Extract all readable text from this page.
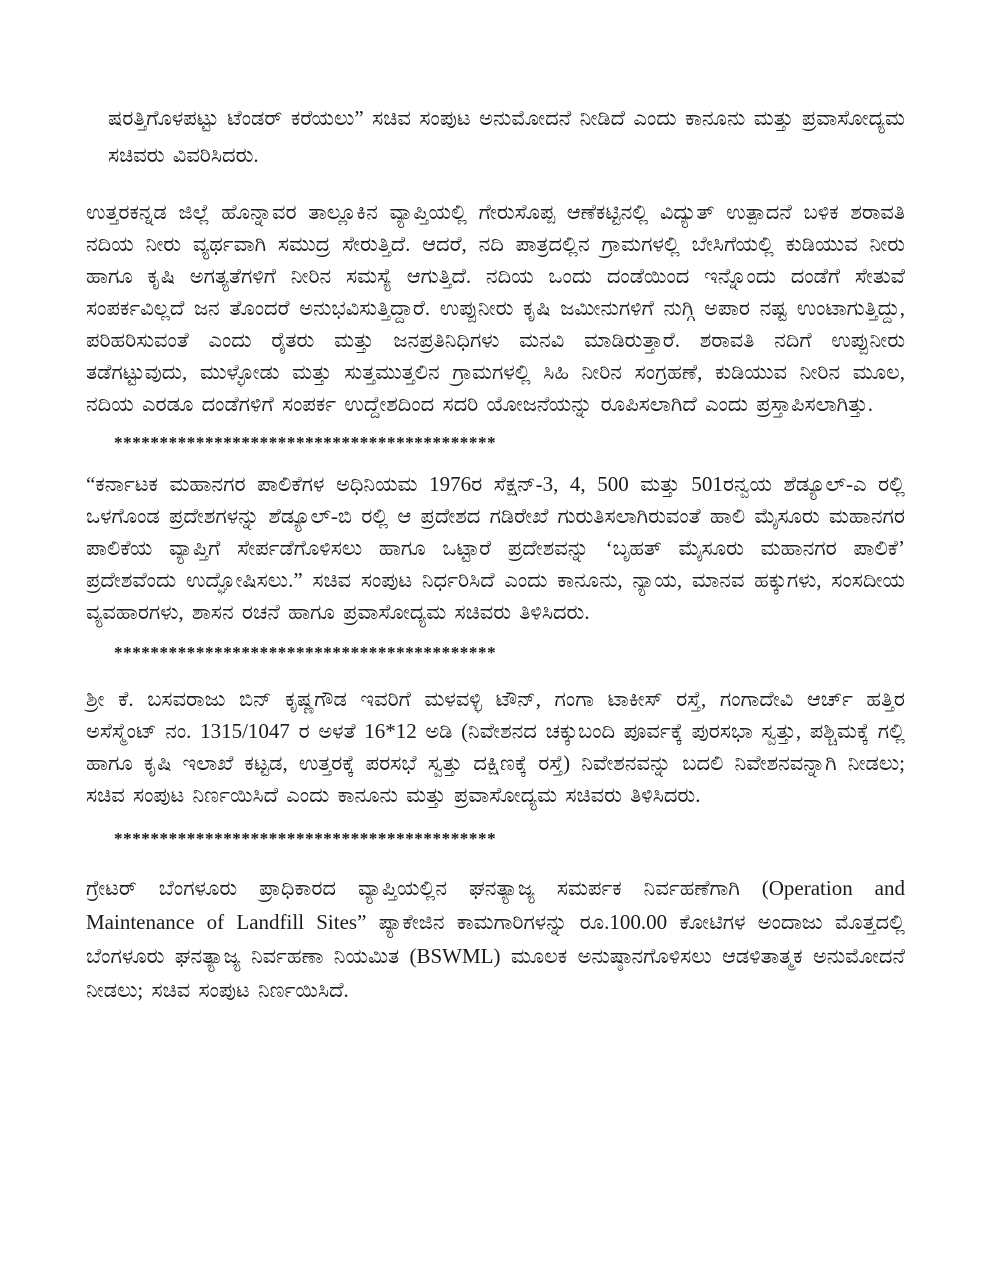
ಷರತ್ತಿಗೊಳಪಟ್ಟು ಟೆಂಡರ್ ಕರೆಯಲು” ಸಚಿವ ಸಂಪುಟ ಅನುಮೋದನೆ ನೀಡಿದೆ ಎಂದು ಕಾನೂನು ಮತ್ತು ಪ್ರವಾಸೋದ್ಯಮ ಸಚಿವರು ವಿವರಿಸಿದರು.

ಉತ್ತರಕನ್ನಡ ಜಿಲ್ಲೆ ಹೊನ್ನಾವರ ತಾಲ್ಲೂಕಿನ ವ್ಯಾಪ್ತಿಯಲ್ಲಿ ಗೇರುಸೊಪ್ಪ ಆಣೆಕಟ್ಟಿನಲ್ಲಿ ವಿದ್ಯುತ್ ಉತ್ಪಾದನೆ ಬಳಿಕ ಶರಾವತಿ ನದಿಯ ನೀರು ವ್ಯರ್ಥವಾಗಿ ಸಮುದ್ರ ಸೇರುತ್ತಿದೆ. ಆದರೆ, ನದಿ ಪಾತ್ರದಲ್ಲಿನ ಗ್ರಾಮಗಳಲ್ಲಿ ಬೇಸಿಗೆಯಲ್ಲಿ ಕುಡಿಯುವ ನೀರು ಹಾಗೂ ಕೃಷಿ ಅಗತ್ಯತೆಗಳಿಗೆ ನೀರಿನ ಸಮಸ್ಯೆ ಆಗುತ್ತಿದೆ. ನದಿಯ ಒಂದು ದಂಡೆಯಿಂದ ಇನ್ನೊಂದು ದಂಡೆಗೆ ಸೇತುವೆ ಸಂಪರ್ಕವಿಲ್ಲದೆ ಜನ ತೊಂದರೆ ಅನುಭವಿಸುತ್ತಿದ್ದಾರೆ. ಉಪ್ಪುನೀರು ಕೃಷಿ ಜಮೀನುಗಳಿಗೆ ನುಗ್ಗಿ ಅಪಾರ ನಷ್ಟ ಉಂಟಾಗುತ್ತಿದ್ದು, ಪರಿಹರಿಸುವಂತೆ ಎಂದು ರೈತರು ಮತ್ತು ಜನಪ್ರತಿನಿಧಿಗಳು ಮನವಿ ಮಾಡಿರುತ್ತಾರೆ. ಶರಾವತಿ ನದಿಗೆ ಉಪ್ಪುನೀರು ತಡೆಗಟ್ಟುವುದು, ಮುಳ್ಳೋಡು ಮತ್ತು ಸುತ್ತಮುತ್ತಲಿನ ಗ್ರಾಮಗಳಲ್ಲಿ ಸಿಹಿ ನೀರಿನ ಸಂಗ್ರಹಣೆ, ಕುಡಿಯುವ ನೀರಿನ ಮೂಲ, ನದಿಯ ಎರಡೂ ದಂಡೆಗಳಿಗೆ ಸಂಪರ್ಕ ಉದ್ದೇಶದಿಂದ ಸದರಿ ಯೋಜನೆಯನ್ನು ರೂಪಿಸಲಾಗಿದೆ ಎಂದು ಪ್ರಸ್ತಾಪಿಸಲಾಗಿತ್ತು.

******************************************

“ಕರ್ನಾಟಕ ಮಹಾನಗರ ಪಾಲಿಕೆಗಳ ಅಧಿನಿಯಮ 1976ರ ಸೆಕ್ಷನ್-3, 4, 500 ಮತ್ತು 501ರನ್ವಯ ಶೆಡ್ಯೂಲ್-ಎ ರಲ್ಲಿ ಒಳಗೊಂಡ ಪ್ರದೇಶಗಳನ್ನು ಶೆಡ್ಯೂಲ್-ಬಿ ರಲ್ಲಿ ಆ ಪ್ರದೇಶದ ಗಡಿರೇಖೆ ಗುರುತಿಸಲಾಗಿರುವಂತೆ ಹಾಲಿ ಮೈಸೂರು ಮಹಾನಗರ ಪಾಲಿಕೆಯ ವ್ಯಾಪ್ತಿಗೆ ಸೇರ್ಪಡೆಗೊಳಿಸಲು ಹಾಗೂ ಒಟ್ಟಾರೆ ಪ್ರದೇಶವನ್ನು ‘ಬೃಹತ್ ಮೈಸೂರು ಮಹಾನಗರ ಪಾಲಿಕೆ’ ಪ್ರದೇಶವೆಂದು ಉದ್ಘೋಷಿಸಲು.” ಸಚಿವ ಸಂಪುಟ ನಿರ್ಧರಿಸಿದೆ ಎಂದು ಕಾನೂನು, ನ್ಯಾಯ, ಮಾನವ ಹಕ್ಕುಗಳು, ಸಂಸದೀಯ ವ್ಯವಹಾರಗಳು, ಶಾಸನ ರಚನೆ ಹಾಗೂ ಪ್ರವಾಸೋದ್ಯಮ ಸಚಿವರು ತಿಳಿಸಿದರು.

******************************************

ಶ್ರೀ ಕೆ. ಬಸವರಾಜು ಬಿನ್ ಕೃಷ್ಣಗೌಡ ಇವರಿಗೆ ಮಳವಳ್ಳಿ ಟೌನ್, ಗಂಗಾ ಟಾಕೀಸ್ ರಸ್ತೆ, ಗಂಗಾದೇವಿ ಆರ್ಚ್ ಹತ್ತಿರ ಅಸೆಸ್ಮೆಂಟ್ ನಂ. 1315/1047 ರ ಅಳತೆ 16*12 ಅಡಿ (ನಿವೇಶನದ ಚಕ್ಕುಬಂದಿ ಪೂರ್ವಕ್ಕೆ ಪುರಸಭಾ ಸ್ವತ್ತು, ಪಶ್ಚಿಮಕ್ಕೆ ಗಲ್ಲಿ ಹಾಗೂ ಕೃಷಿ ಇಲಾಖೆ ಕಟ್ಟಡ, ಉತ್ತರಕ್ಕೆ ಪರಸಭೆ ಸ್ವತ್ತು ದಕ್ಷಿಣಕ್ಕೆ ರಸ್ತೆ) ನಿವೇಶನವನ್ನು ಬದಲಿ ನಿವೇಶನವನ್ನಾಗಿ ನೀಡಲು; ಸಚಿವ ಸಂಪುಟ ನಿರ್ಣಯಿಸಿದೆ ಎಂದು ಕಾನೂನು ಮತ್ತು ಪ್ರವಾಸೋದ್ಯಮ ಸಚಿವರು ತಿಳಿಸಿದರು.

******************************************

ಗ್ರೇಟರ್ ಬೆಂಗಳೂರು ಪ್ರಾಧಿಕಾರದ ವ್ಯಾಪ್ತಿಯಲ್ಲಿನ ಘನತ್ಯಾಜ್ಯ ಸಮರ್ಪಕ ನಿರ್ವಹಣೆಗಾಗಿ (Operation and Maintenance of Landfill Sites” ಪ್ಯಾಕೇಜಿನ ಕಾಮಗಾರಿಗಳನ್ನು ರೂ.100.00 ಕೋಟಿಗಳ ಅಂದಾಜು ಮೊತ್ತದಲ್ಲಿ ಬೆಂಗಳೂರು ಘನತ್ಯಾಜ್ಯ ನಿರ್ವಹಣಾ ನಿಯಮಿತ (BSWML) ಮೂಲಕ ಅನುಷ್ಠಾನಗೊಳಿಸಲು ಆಡಳಿತಾತ್ಮಕ ಅನುಮೋದನೆ ನೀಡಲು; ಸಚಿವ ಸಂಪುಟ ನಿರ್ಣಯಿಸಿದೆ.
